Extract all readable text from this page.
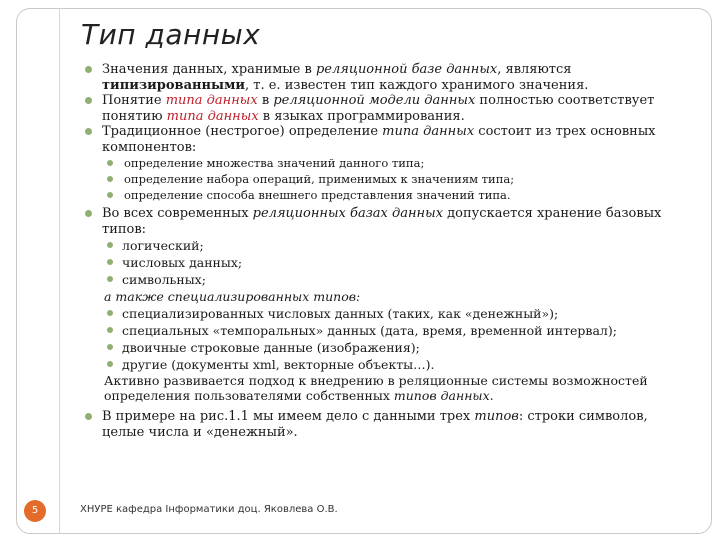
Тип данных
Значения данных, хранимые в реляционной базе данных, являются типизированными, т. е. известен тип каждого хранимого значения.
Понятие типа данных в реляционной модели данных полностью соответствует понятию типа данных в языках программирования.
Традиционное (нестрогое) определение типа данных состоит из трех основных компонентов:
определение множества значений данного типа;
определение набора операций, применимых к значениям типа;
определение способа внешнего представления значений типа.
Во всех современных реляционных базах данных допускается хранение базовых типов:
логический;
числовых данных;
символьных;
а также специализированных типов:
специализированных числовых данных (таких, как «денежный»);
специальных «темпоральных» данных (дата, время, временной интервал);
двоичные строковые данные (изображения);
другие (документы xml, векторные объекты…).
Активно развивается подход к внедрению в реляционные системы возможностей определения пользователями собственных типов данных.
В примере на рис.1.1 мы имеем дело с данными трех типов: строки символов, целые числа и «денежный».
5	ХНУРЕ кафедра Інформатики доц. Яковлева О.В.
